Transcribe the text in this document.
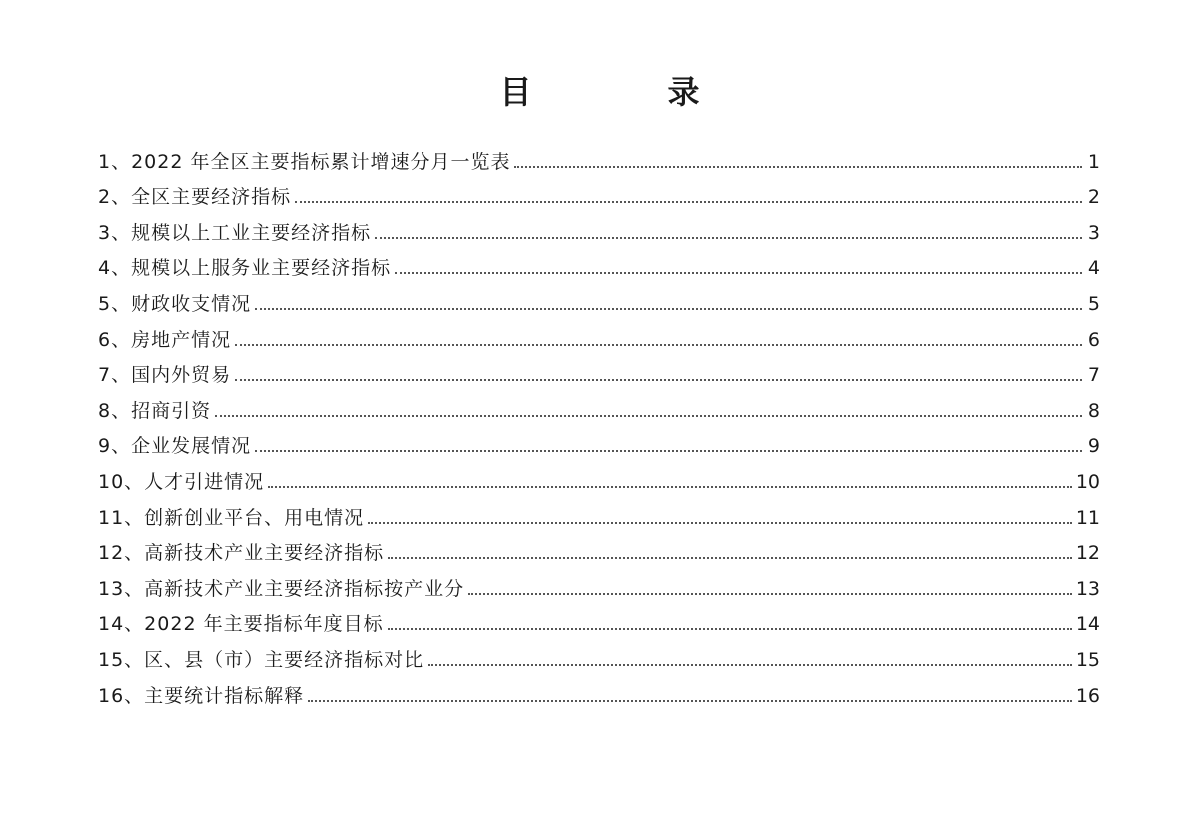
目　录
1、2022 年全区主要指标累计增速分月一览表	1
2、全区主要经济指标	2
3、规模以上工业主要经济指标	3
4、规模以上服务业主要经济指标	4
5、财政收支情况	5
6、房地产情况	6
7、国内外贸易	7
8、招商引资	8
9、企业发展情况	9
10、人才引进情况	10
11、创新创业平台、用电情况	11
12、高新技术产业主要经济指标	12
13、高新技术产业主要经济指标按产业分	13
14、2022 年主要指标年度目标	14
15、区、县（市）主要经济指标对比	15
16、主要统计指标解释	16
